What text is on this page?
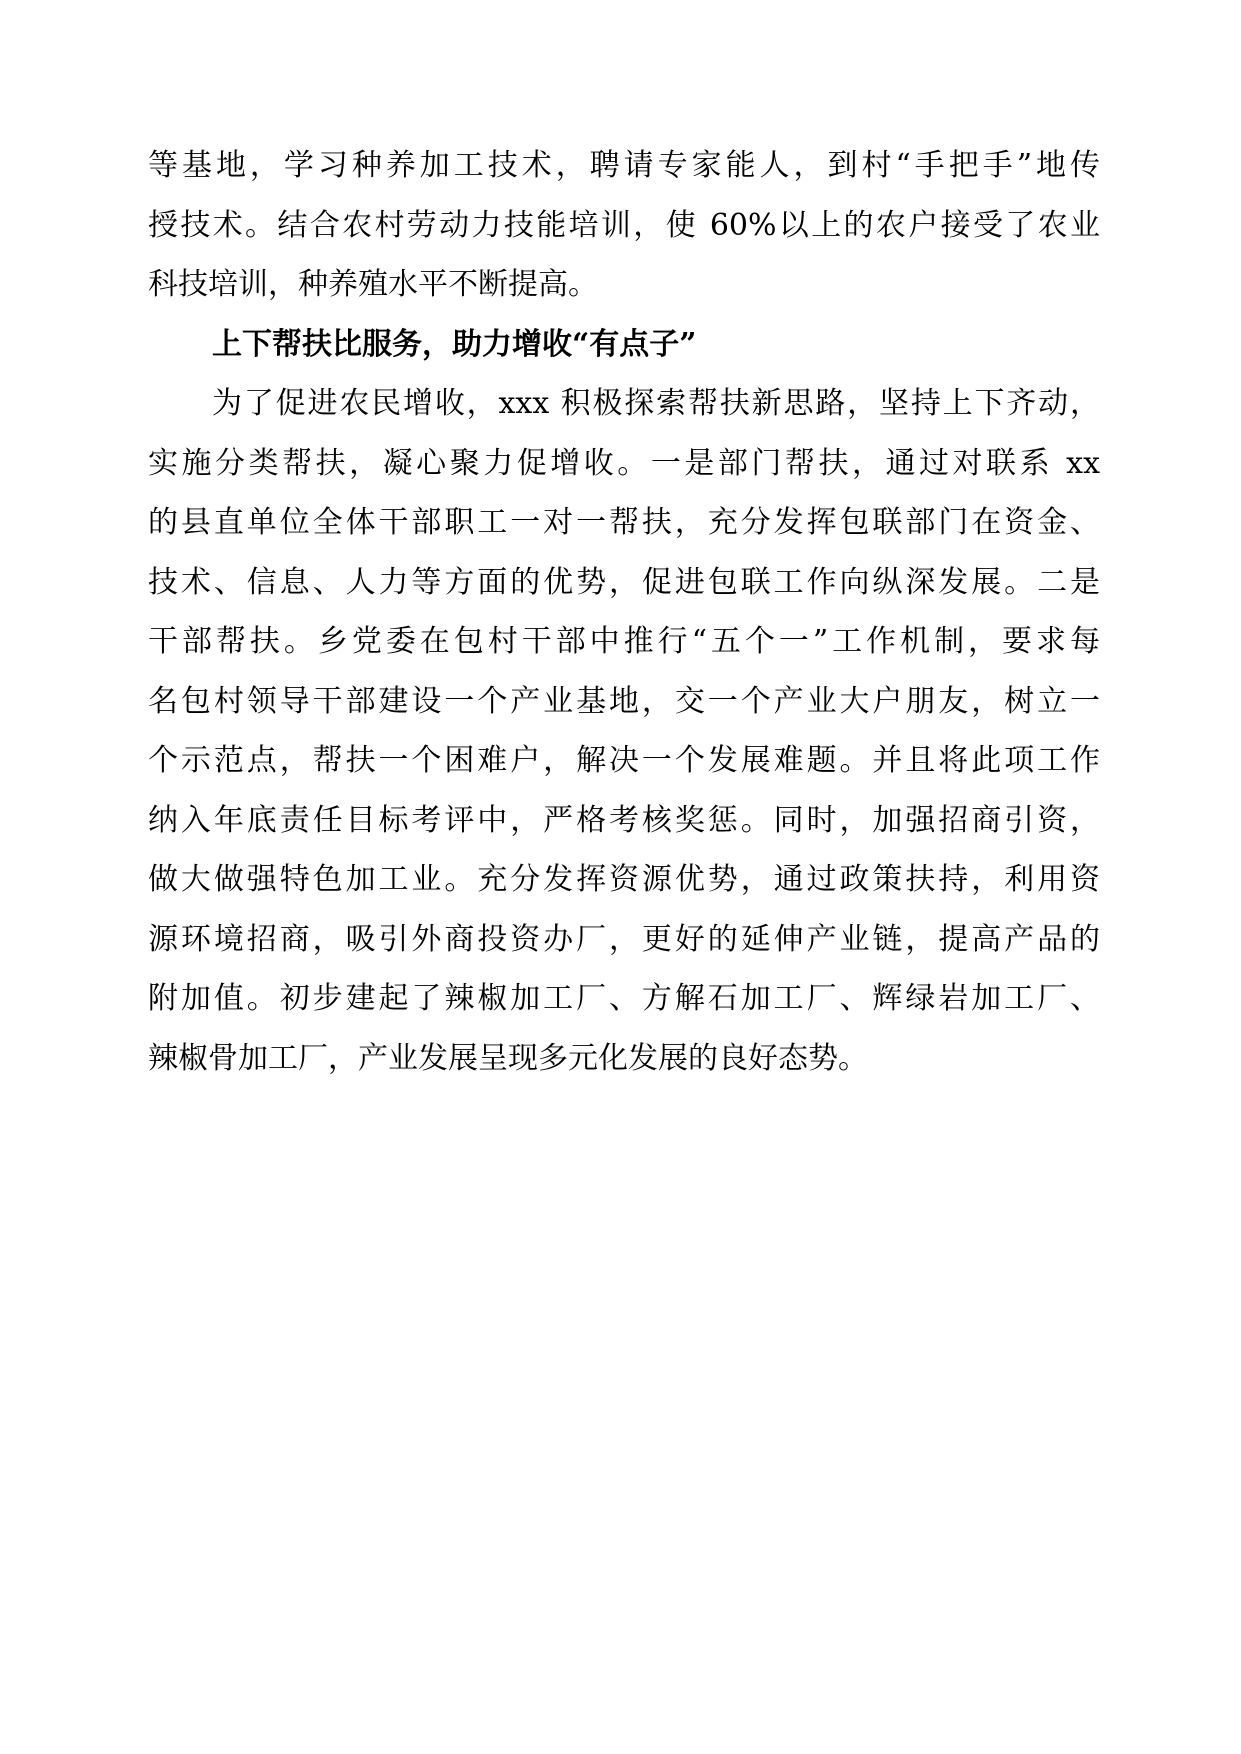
等基地，学习种养加工技术，聘请专家能人，到村“手把手”地传
授技术。结合农村劳动力技能培训，使 60%以上的农户接受了农业
科技培训，种养殖水平不断提高。
上下帮扶比服务，助力增收“有点子”
为了促进农民增收，xxx 积极探索帮扶新思路，坚持上下齐动，
实施分类帮扶，凝心聚力促增收。一是部门帮扶，通过对联系 xx
的县直单位全体干部职工一对一帮扶，充分发挥包联部门在资金、
技术、信息、人力等方面的优势，促进包联工作向纵深发展。二是
干部帮扶。乡党委在包村干部中推行“五个一”工作机制，要求每
名包村领导干部建设一个产业基地，交一个产业大户朋友，树立一
个示范点，帮扶一个困难户，解决一个发展难题。并且将此项工作
纳入年底责任目标考评中，严格考核奖惩。同时，加强招商引资，
做大做强特色加工业。充分发挥资源优势，通过政策扶持，利用资
源环境招商，吸引外商投资办厂，更好的延伸产业链，提高产品的
附加值。初步建起了辣椒加工厂、方解石加工厂、辉绿岩加工厂、
辣椒骨加工厂，产业发展呈现多元化发展的良好态势。
